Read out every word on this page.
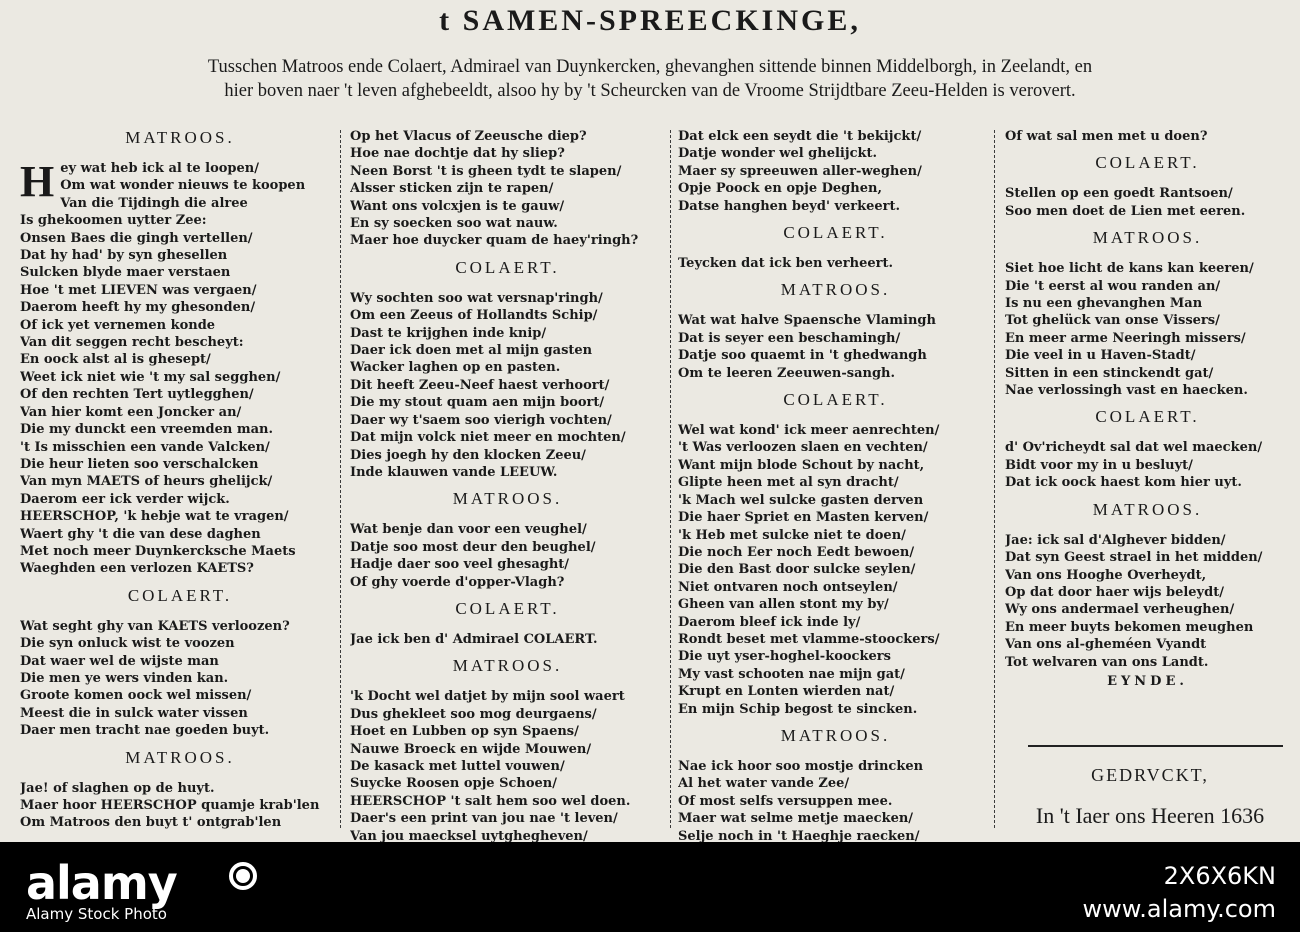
t SAMEN-SPREECKINGE,
Tusschen Matroos ende Colaert, Admirael van Duynkercken, ghevanghen sittende binnen Middelborgh, in Zeelandt, en
hier boven naer 't leven afghebeeldt, alsoo hy by 't Scheurcken van de Vroome Strijdtbare Zeeu-Helden is verovert.
MATROOS.
Hey wat heb ick al te loopen/
Om wat wonder nieuws te koopen
Van die Tijdingh die alree
Is ghekoomen uytter Zee:
Onsen Baes die gingh vertellen/
Dat hy had' by syn ghesellen
Sulcken blyde maer verstaen
Hoe 't met LIEVEN was vergaen/
Daerom heeft hy my ghesonden/
Of ick yet vernemen konde
Van dit seggen recht bescheyt:
En oock alst al is ghesept/
Weet ick niet wie 't my sal segghen/
Of den rechten Tert uytlegghen/
Van hier komt een Joncker an/
Die my dunckt een vreemden man.
't Is misschien een vande Valcken/
Die heur lieten soo verschalcken
Van myn MAETS of heurs ghelijck/
Daerom eer ick verder wijck.
HEERSCHOP, 'k hebje wat te vragen/
Waert ghy 't die van dese daghen
Met noch meer Duynkercksche Maets
Waeghden een verlozen KAETS?
COLAERT.
Wat seght ghy van KAETS verloozen?
Die syn onluck wist te voozen
Dat waer wel de wijste man
Die men ye wers vinden kan.
Groote komen oock wel missen/
Meest die in sulck water vissen
Daer men tracht nae goeden buyt.
MATROOS.
Jae! of slaghen op de huyt.
Maer hoor HEERSCHOP quamje krab'len
Om Matroos den buyt t' ontgrab'len
Op het Vlacus of Zeeusche diep?
Hoe nae dochtje dat hy sliep?
Neen Borst 't is gheen tydt te slapen/
Alsser sticken zijn te rapen/
Want ons volcxjen is te gauw/
En sy soecken soo wat nauw.
Maer hoe duycker quam de haey'ringh?
COLAERT.
Wy sochten soo wat versnap'ringh/
Om een Zeeus of Hollandts Schip/
Dast te krijghen inde knip/
Daer ick doen met al mijn gasten
Wacker laghen op en pasten.
Dit heeft Zeeu-Neef haest verhoort/
Die my stout quam aen mijn boort/
Daer wy t'saem soo vierigh vochten/
Dat mijn volck niet meer en mochten/
Dies joegh hy den klocken Zeeu/
Inde klauwen vande LEEUW.
MATROOS.
Wat benje dan voor een veughel/
Datje soo most deur den beughel/
Hadje daer soo veel ghesaght/
Of ghy voerde d'opper-Vlagh?
COLAERT.
Jae ick ben d' Admirael COLAERT.
MATROOS.
'k Docht wel datjet by mijn sool waert
Dus ghekleet soo mog deurgaens/
Hoet en Lubben op syn Spaens/
Nauwe Broeck en wijde Mouwen/
De kasack met luttel vouwen/
Suycke Roosen opje Schoen/
HEERSCHOP 't salt hem soo wel doen.
Daer's een print van jou nae 't leven/
Van jou maecksel uytghegheven/
Dat elck een seydt die 't bekijckt/
Datje wonder wel ghelijckt.
Maer sy spreeuwen aller-weghen/
Opje Poock en opje Deghen,
Datse hanghen beyd' verkeert.
COLAERT.
Teycken dat ick ben verheert.
MATROOS.
Wat wat halve Spaensche Vlamingh
Dat is seyer een beschamingh/
Datje soo quaemt in 't ghedwangh
Om te leeren Zeeuwen-sangh.
COLAERT.
Wel wat kond' ick meer aenrechten/
't Was verloozen slaen en vechten/
Want mijn blode Schout by nacht,
Glipte heen met al syn dracht/
'k Mach wel sulcke gasten derven
Die haer Spriet en Masten kerven/
'k Heb met sulcke niet te doen/
Die noch Eer noch Eedt bewoen/
Die den Bast door sulcke seylen/
Niet ontvaren noch ontseylen/
Gheen van allen stont my by/
Daerom bleef ick inde ly/
Rondt beset met vlamme-stoockers/
Die uyt yser-hoghel-koockers
My vast schooten nae mijn gat/
Krupt en Lonten wierden nat/
En mijn Schip begost te sincken.
MATROOS.
Nae ick hoor soo mostje drincken
Al het water vande Zee/
Of most selfs versuppen mee.
Maer wat selme metje maecken/
Selje noch in 't Haeghje raecken/
Of wat sal men met u doen?
COLAERT.
Stellen op een goedt Rantsoen/
Soo men doet de Lien met eeren.
MATROOS.
Siet hoe licht de kans kan keeren/
Die 't eerst al wou randen an/
Is nu een ghevanghen Man
Tot ghelück van onse Vissers/
En meer arme Neeringh missers/
Die veel in u Haven-Stadt/
Sitten in een stinckendt gat/
Nae verlossingh vast en haecken.
COLAERT.
d' Ov'richeydt sal dat wel maecken/
Bidt voor my in u besluyt/
Dat ick oock haest kom hier uyt.
MATROOS.
Jae: ick sal d'Alghever bidden/
Dat syn Geest strael in het midden/
Van ons Hooghe Overheydt,
Op dat door haer wijs beleydt/
Wy ons andermael verheughen/
En meer buyts bekomen meughen
Van ons al-gheméen Vyandt
Tot welvaren van ons Landt.
EYNDE.
GEDRVCKT,
In 't Iaer ons Heeren 1636
alamy
Alamy Stock Photo
2X6X6KN
www.alamy.com
